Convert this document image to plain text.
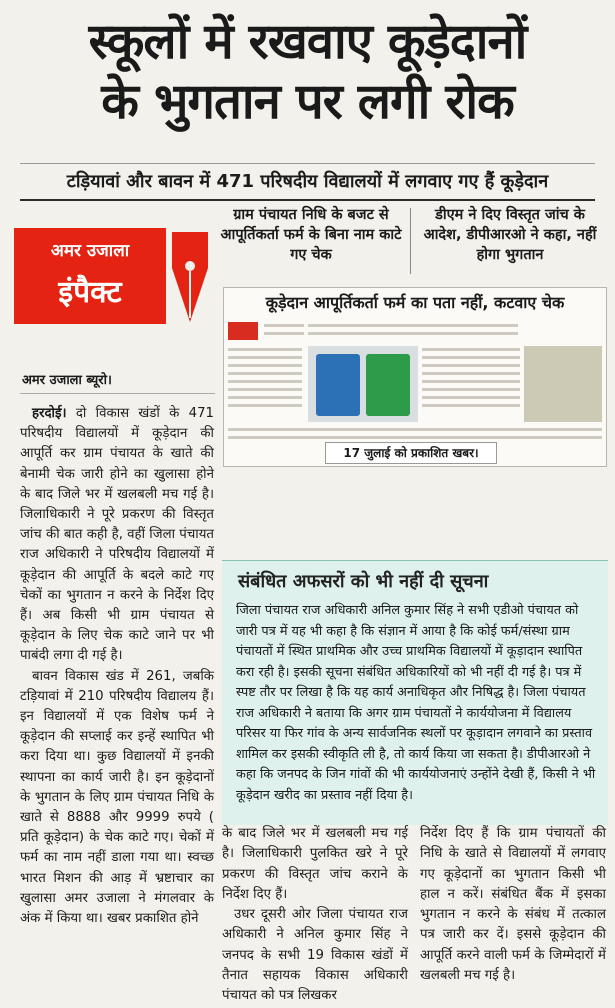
स्कूलों में रखवाए कूड़ेदानों
के भुगतान पर लगी रोक
टड़ियावां और बावन में 471 परिषदीय विद्यालयों में लगवाए गए हैं कूड़ेदान
ग्राम पंचायत निधि के बजट से आपूर्तिकर्ता फर्म के बिना नाम काटे गए चेक
डीएम ने दिए विस्तृत जांच के आदेश, डीपीआरओ ने कहा, नहीं होगा भुगतान
अमर उजाला
इंपैक्ट
अमर उजाला ब्यूरो।

हरदोई। दो विकास खंडों के 471 परिषदीय विद्यालयों में कूड़ेदान की आपूर्ति कर ग्राम पंचायत के खाते की बेनामी चेक जारी होने का खुलासा होने के बाद जिले भर में खलबली मच गई है। जिलाधिकारी ने पूरे प्रकरण की विस्तृत जांच की बात कही है, वहीं जिला पंचायत राज अधिकारी ने परिषदीय विद्यालयों में कूड़ेदान की आपूर्ति के बदले काटे गए चेकों का भुगतान न करने के निर्देश दिए हैं। अब किसी भी ग्राम पंचायत से कूड़ेदान के लिए चेक काटे जाने पर भी पाबंदी लगा दी गई है।

बावन विकास खंड में 261, जबकि टड़ियावां में 210 परिषदीय विद्यालय हैं। इन विद्यालयों में एक विशेष फर्म ने कूड़ेदान की सप्लाई कर इन्हें स्थापित भी करा दिया था। कुछ विद्यालयों में इनकी स्थापना का कार्य जारी है। इन कूड़ेदानों के भुगतान के लिए ग्राम पंचायत निधि के खाते से 8888 और 9999 रुपये ( प्रति कूड़ेदान) के चेक काटे गए। चेकों में फर्म का नाम नहीं डाला गया था। स्वच्छ भारत मिशन की आड़ में भ्रष्टाचार का खुलासा अमर उजाला ने मंगलवार के अंक में किया था। खबर प्रकाशित होने

कूड़ेदान आपूर्तिकर्ता फर्म का पता नहीं, कटवाए चेक
17 जुलाई को प्रकाशित खबर।
संबंधित अफसरों को भी नहीं दी सूचना
जिला पंचायत राज अधिकारी अनिल कुमार सिंह ने सभी एडीओ पंचायत को जारी पत्र में यह भी कहा है कि संज्ञान में आया है कि कोई फर्म/संस्था ग्राम पंचायतों में स्थित प्राथमिक और उच्च प्राथमिक विद्यालयों में कूड़ादान स्थापित करा रही है। इसकी सूचना संबंधित अधिकारियों को भी नहीं दी गई है। पत्र में स्पष्ट तौर पर लिखा है कि यह कार्य अनाधिकृत और निषिद्ध है। जिला पंचायत राज अधिकारी ने बताया कि अगर ग्राम पंचायतों ने कार्ययोजना में विद्यालय परिसर या फिर गांव के अन्य सार्वजनिक स्थलों पर कूड़ादान लगवाने का प्रस्ताव शामिल कर इसकी स्वीकृति ली है, तो कार्य किया जा सकता है। डीपीआरओ ने कहा कि जनपद के जिन गांवों की भी कार्ययोजनाएं उन्होंने देखी हैं, किसी ने भी कूड़ेदान खरीद का प्रस्ताव नहीं दिया है।

के बाद जिले भर में खलबली मच गई है। जिलाधिकारी पुलकित खरे ने पूरे प्रकरण की विस्तृत जांच कराने के निर्देश दिए हैं।

उधर दूसरी ओर जिला पंचायत राज अधिकारी ने अनिल कुमार सिंह ने जनपद के सभी 19 विकास खंडों में तैनात सहायक विकास अधिकारी पंचायत को पत्र लिखकर

निर्देश दिए हैं कि ग्राम पंचायतों की निधि के खाते से विद्यालयों में लगवाए गए कूड़ेदानों का भुगतान किसी भी हाल न करें। संबंधित बैंक में इसका भुगतान न करने के संबंध में तत्काल पत्र जारी कर दें। इससे कूड़ेदान की आपूर्ति करने वाली फर्म के जिम्मेदारों में खलबली मच गई है।
